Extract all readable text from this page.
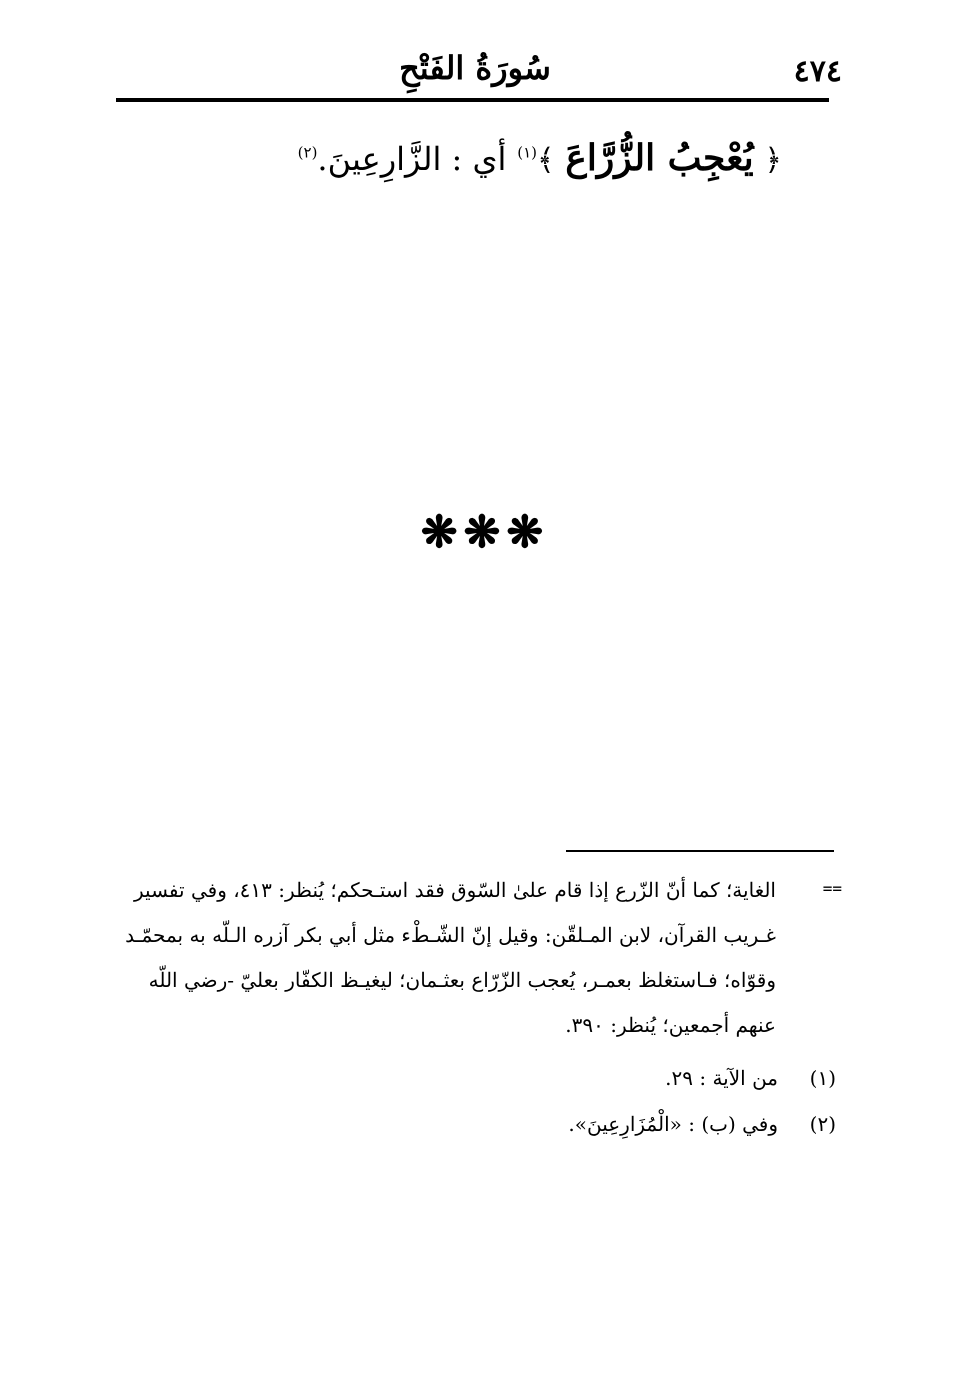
٤٧٤
سُورَةُ الفَتْحِ
﴿ يُعْجِبُ الزُّرَّاعَ ﴾$^{(١)}$ أي : الزَّارِعِينَ.$^{(٢)}$
❋❋❋
==
الغاية؛ كما أنّ الزّرع إذا قام علىٰ السّوق فقد استـحكم؛ يُنظر: ٤١٣، وفي تفسير
غـريب القرآن، لابن المـلقّن: وقيل إنّ الشّـطْء مثل أبي بكر آزره الـلّه به بمحمّـد
وقوّاه؛ فـاستغلظ بعمـر، يُعجب الزّرّاع بعثـمان؛ ليغيـظ الكفّار بعليّ -رضي اللّه
عنهم أجمعين؛ يُنظر: ٣٩٠.
(١)من الآية : ٢٩.
(٢)وفي (ب) : «الْمُزَارِعِينَ».
